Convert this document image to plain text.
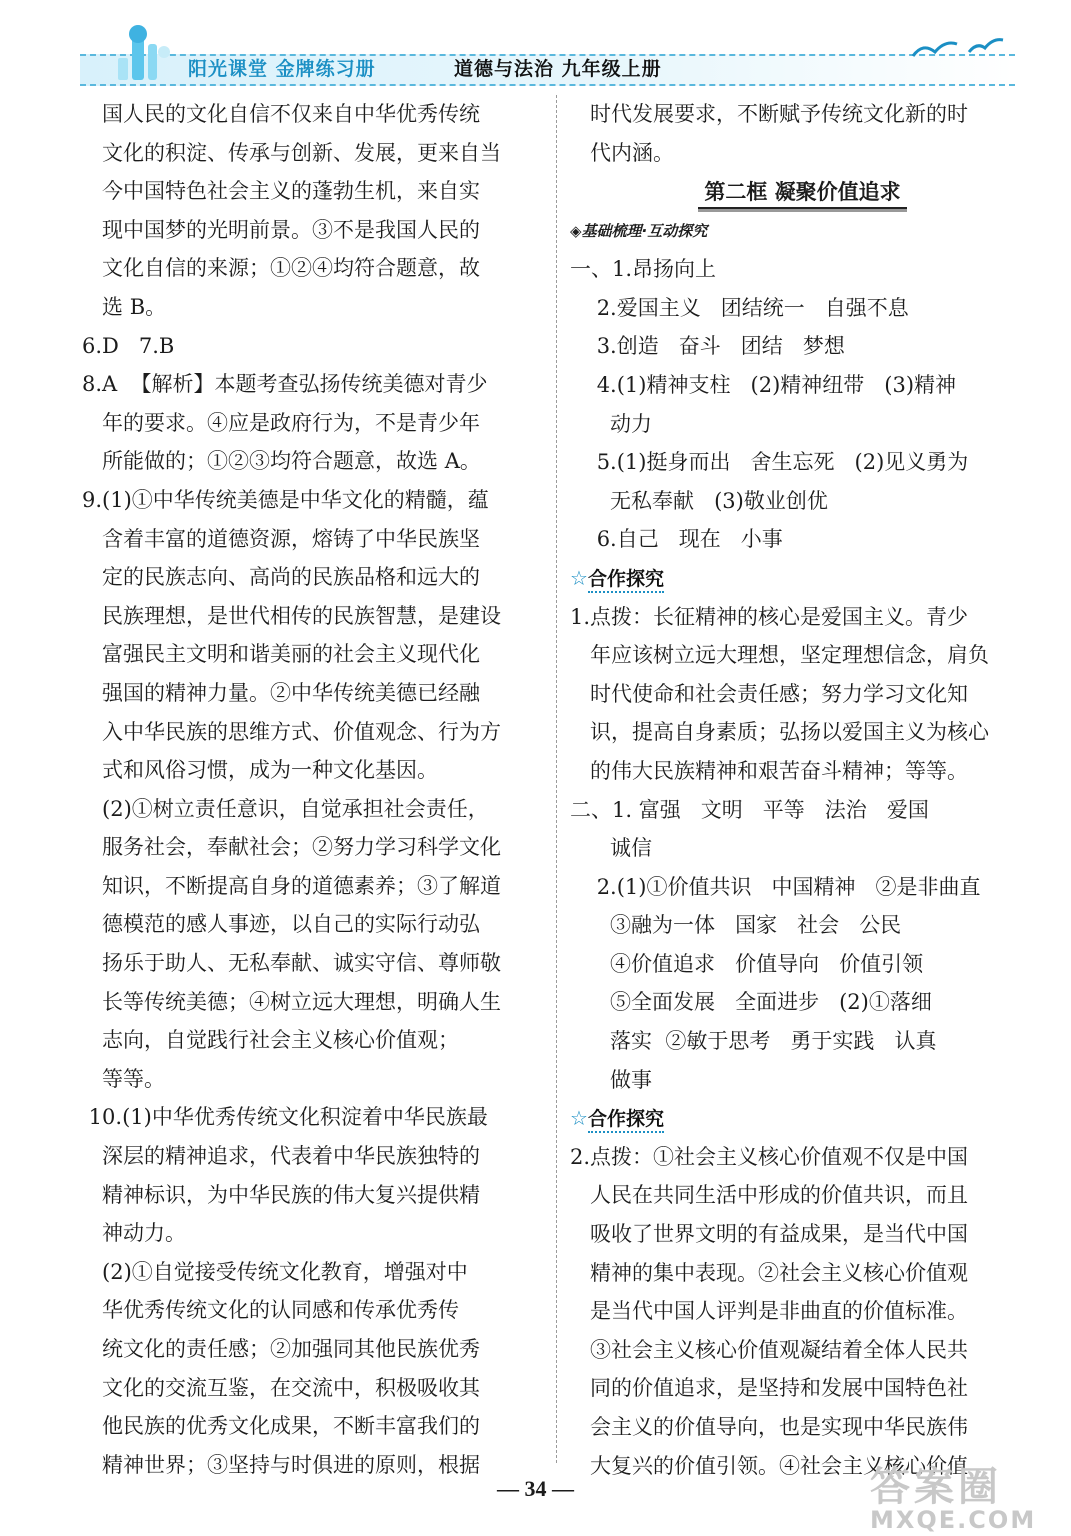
阳光课堂 金牌练习册	道德与法治 九年级上册
国人民的文化自信不仅来自中华优秀传统
文化的积淀、传承与创新、发展，更来自当
今中国特色社会主义的蓬勃生机，来自实
现中国梦的光明前景。③不是我国人民的
文化自信的来源；①②④均符合题意，故
选 B。
6.D   7.B
8.A  【解析】本题考查弘扬传统美德对青少
年的要求。④应是政府行为，不是青少年
所能做的；①②③均符合题意，故选 A。
9.(1)①中华传统美德是中华文化的精髓，蕴
含着丰富的道德资源，熔铸了中华民族坚
定的民族志向、高尚的民族品格和远大的
民族理想，是世代相传的民族智慧，是建设
富强民主文明和谐美丽的社会主义现代化
强国的精神力量。②中华传统美德已经融
入中华民族的思维方式、价值观念、行为方
式和风俗习惯，成为一种文化基因。
(2)①树立责任意识，自觉承担社会责任，
服务社会，奉献社会；②努力学习科学文化
知识，不断提高自身的道德素养；③了解道
德模范的感人事迹，以自己的实际行动弘
扬乐于助人、无私奉献、诚实守信、尊师敬
长等传统美德；④树立远大理想，明确人生
志向，自觉践行社会主义核心价值观；
等等。
10.(1)中华优秀传统文化积淀着中华民族最
深层的精神追求，代表着中华民族独特的
精神标识，为中华民族的伟大复兴提供精
神动力。
(2)①自觉接受传统文化教育，增强对中
华优秀传统文化的认同感和传承优秀传
统文化的责任感；②加强同其他民族优秀
文化的交流互鉴，在交流中，积极吸收其
他民族的优秀文化成果，不断丰富我们的
精神世界；③坚持与时俱进的原则，根据
时代发展要求，不断赋予传统文化新的时
代内涵。
第二框 凝聚价值追求
◈基础梳理·互动探究
一、1.昂扬向上
2.爱国主义   团结统一   自强不息
3.创造   奋斗   团结   梦想
4.(1)精神支柱   (2)精神纽带   (3)精神
动力
5.(1)挺身而出   舍生忘死   (2)见义勇为
无私奉献   (3)敬业创优
6.自己   现在   小事
☆合作探究
1.点拨：长征精神的核心是爱国主义。青少
年应该树立远大理想，坚定理想信念，肩负
时代使命和社会责任感；努力学习文化知
识，提高自身素质；弘扬以爱国主义为核心
的伟大民族精神和艰苦奋斗精神；等等。
二、1. 富强   文明   平等   法治   爱国
诚信
2.(1)①价值共识   中国精神   ②是非曲直
③融为一体   国家   社会   公民
④价值追求   价值导向   价值引领
⑤全面发展   全面进步   (2)①落细
落实  ②敏于思考   勇于实践   认真
做事
☆合作探究
2.点拨：①社会主义核心价值观不仅是中国
人民在共同生活中形成的价值共识，而且
吸收了世界文明的有益成果，是当代中国
精神的集中表现。②社会主义核心价值观
是当代中国人评判是非曲直的价值标准。
③社会主义核心价值观凝结着全体人民共
同的价值追求，是坚持和发展中国特色社
会主义的价值导向，也是实现中华民族伟
大复兴的价值引领。④社会主义核心价值
— 34 —	答案圈
MXQE.COM
